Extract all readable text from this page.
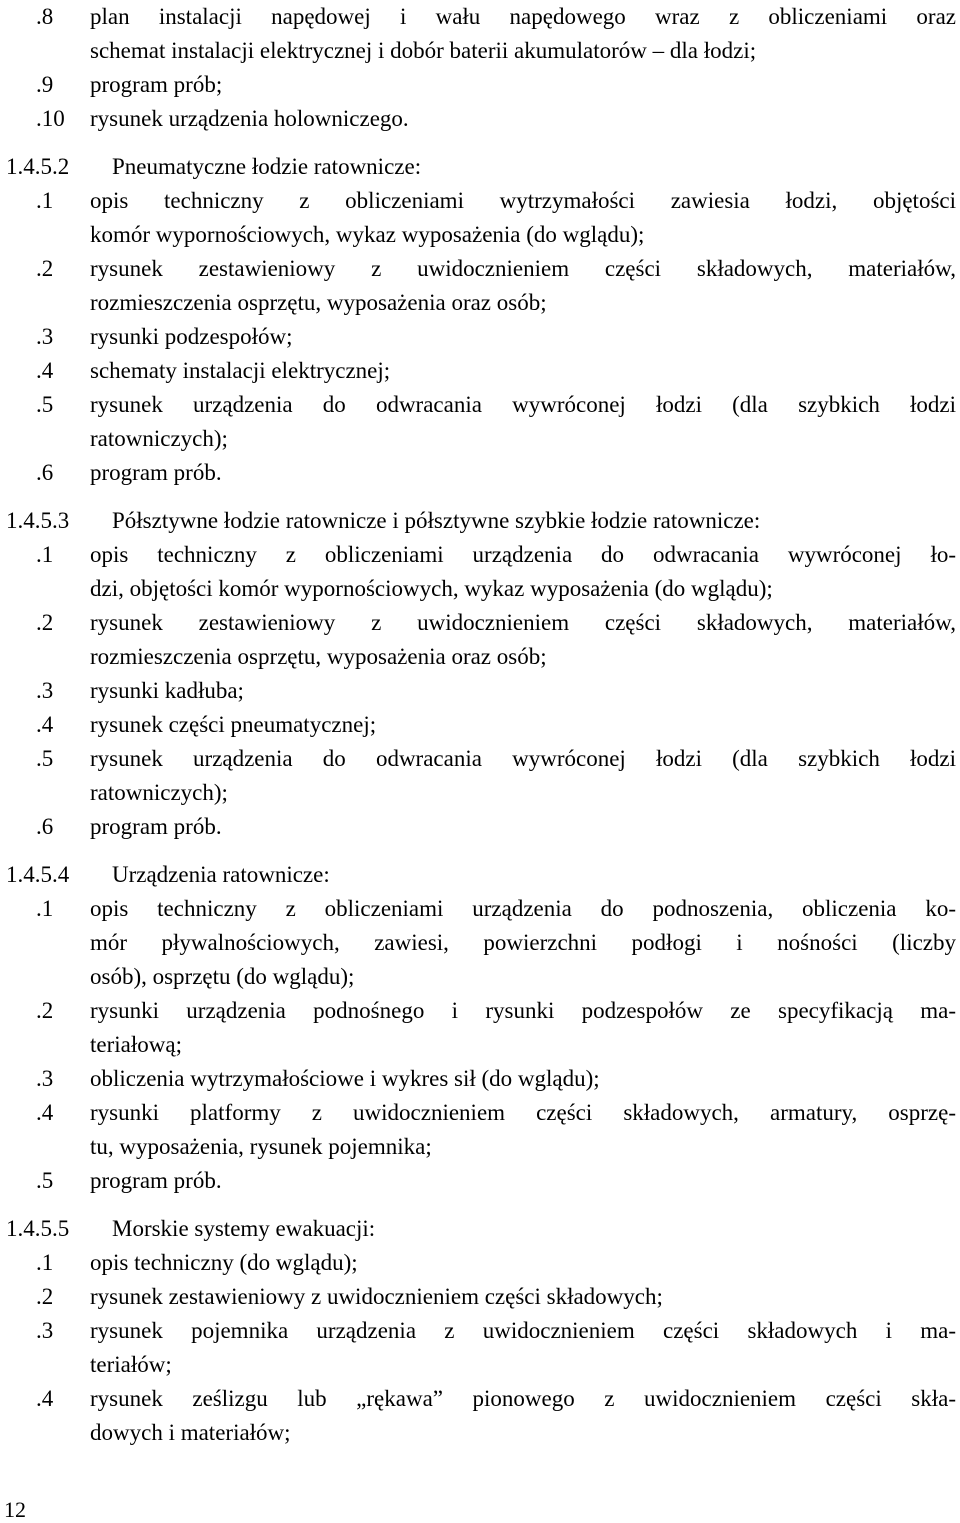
.8	plan instalacji napędowej i wału napędowego wraz z obliczeniami oraz
schemat instalacji elektrycznej i dobór baterii akumulatorów – dla łodzi;
.9	program prób;
.10	rysunek urządzenia holowniczego.
1.4.5.2 Pneumatyczne łodzie ratownicze:
.1	opis techniczny z obliczeniami wytrzymałości zawiesia łodzi, objętości
komór wypornościowych, wykaz wyposażenia (do wglądu);
.2	rysunek zestawieniowy z uwidocznieniem części składowych, materiałów,
rozmieszczenia osprzętu, wyposażenia oraz osób;
.3	rysunki podzespołów;
.4	schematy instalacji elektrycznej;
.5	rysunek urządzenia do odwracania wywróconej łodzi (dla szybkich łodzi
ratowniczych);
.6	program prób.
1.4.5.3 Półsztywne łodzie ratownicze i półsztywne szybkie łodzie ratownicze:
.1	opis techniczny z obliczeniami urządzenia do odwracania wywróconej ło-
dzi, objętości komór wypornościowych, wykaz wyposażenia (do wglądu);
.2	rysunek zestawieniowy z uwidocznieniem części składowych, materiałów,
rozmieszczenia osprzętu, wyposażenia oraz osób;
.3	rysunki kadłuba;
.4	rysunek części pneumatycznej;
.5	rysunek urządzenia do odwracania wywróconej łodzi (dla szybkich łodzi
ratowniczych);
.6	program prób.
1.4.5.4 Urządzenia ratownicze:
.1	opis techniczny z obliczeniami urządzenia do podnoszenia, obliczenia ko-
mór pływalnościowych, zawiesi, powierzchni podłogi i nośności (liczby
osób), osprzętu (do wglądu);
.2	rysunki urządzenia podnośnego i rysunki podzespołów ze specyfikacją ma-
teriałową;
.3	obliczenia wytrzymałościowe i wykres sił (do wglądu);
.4	rysunki platformy z uwidocznieniem części składowych, armatury, osprzę-
tu, wyposażenia, rysunek pojemnika;
.5	program prób.
1.4.5.5 Morskie systemy ewakuacji:
.1	opis techniczny (do wglądu);
.2	rysunek zestawieniowy z uwidocznieniem części składowych;
.3	rysunek pojemnika urządzenia z uwidocznieniem części składowych i ma-
teriałów;
.4	rysunek ześlizgu lub „rękawa” pionowego z uwidocznieniem części skła-
dowych i materiałów;
12
